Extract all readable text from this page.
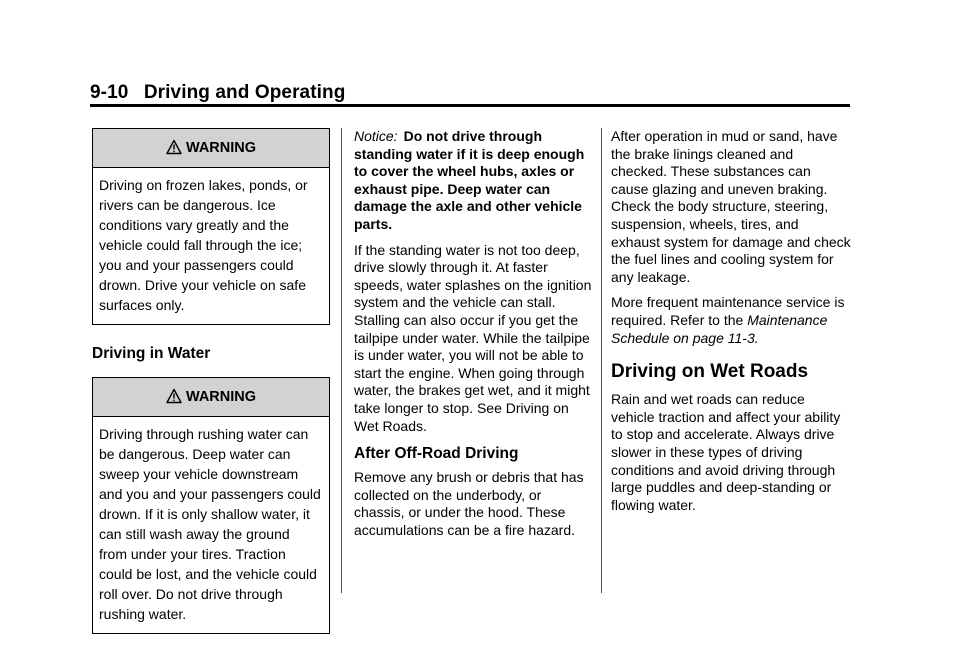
9-10 Driving and Operating
WARNING
Driving on frozen lakes, ponds, or rivers can be dangerous. Ice conditions vary greatly and the vehicle could fall through the ice; you and your passengers could drown. Drive your vehicle on safe surfaces only.
Driving in Water
WARNING
Driving through rushing water can be dangerous. Deep water can sweep your vehicle downstream and you and your passengers could drown. If it is only shallow water, it can still wash away the ground from under your tires. Traction could be lost, and the vehicle could roll over. Do not drive through rushing water.

Notice: Do not drive through standing water if it is deep enough to cover the wheel hubs, axles or exhaust pipe. Deep water can damage the axle and other vehicle parts.

If the standing water is not too deep, drive slowly through it. At faster speeds, water splashes on the ignition system and the vehicle can stall. Stalling can also occur if you get the tailpipe under water. While the tailpipe is under water, you will not be able to start the engine. When going through water, the brakes get wet, and it might take longer to stop. See Driving on Wet Roads.

After Off-Road Driving

Remove any brush or debris that has collected on the underbody, or chassis, or under the hood. These accumulations can be a fire hazard.

After operation in mud or sand, have the brake linings cleaned and checked. These substances can cause glazing and uneven braking. Check the body structure, steering, suspension, wheels, tires, and exhaust system for damage and check the fuel lines and cooling system for any leakage.

More frequent maintenance service is required. Refer to the Maintenance Schedule on page 11-3.

Driving on Wet Roads

Rain and wet roads can reduce vehicle traction and affect your ability to stop and accelerate. Always drive slower in these types of driving conditions and avoid driving through large puddles and deep-standing or flowing water.
